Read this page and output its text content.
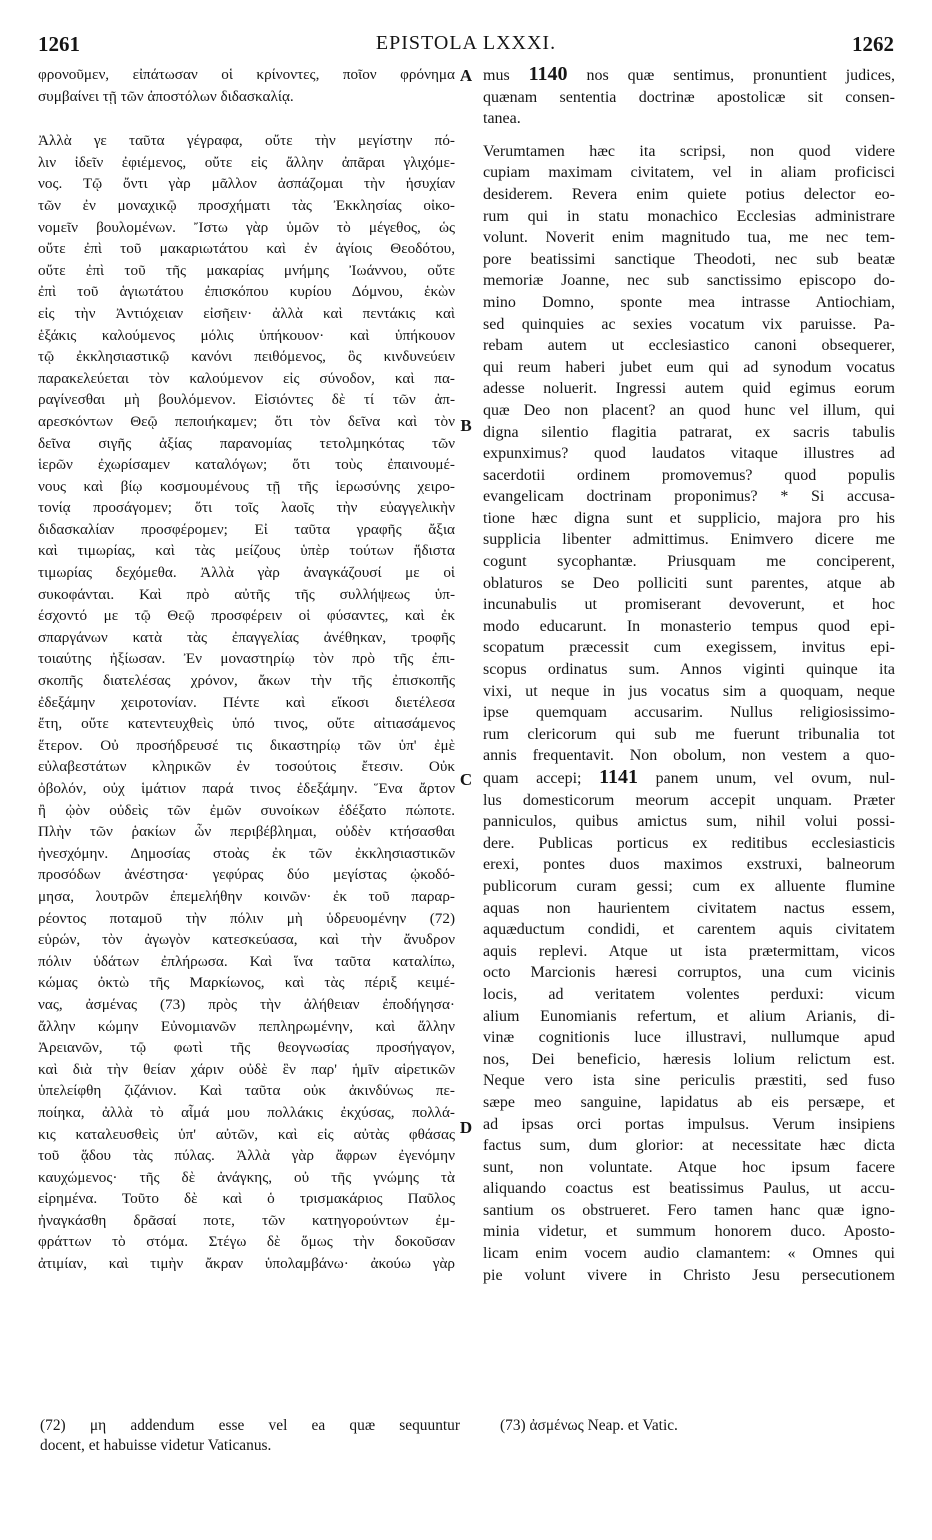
1261	EPISTOLA LXXXI.	1262
φρονοῦμεν, εἰπάτωσαν οἱ κρίνοντες, ποῖον φρόνημα
συμβαίνει τῇ τῶν ἀποστόλων διδασκαλίᾳ.
Ἀλλὰ γε ταῦτα γέγραφα, οὔτε τὴν μεγίστην πό-
λιν ἰδεῖν ἐφιέμενος, οὔτε εἰς ἄλλην ἀπᾶραι γλιχόμε-
νος. Τῷ ὄντι γὰρ μᾶλλον ἀσπάζομαι τὴν ἡσυχίαν
τῶν ἐν μοναχικῷ προσχήματι τὰς Ἐκκλησίας οἰκο-
νομεῖν βουλομένων. Ἴστω γὰρ ὑμῶν τὸ μέγεθος, ὡς
οὔτε ἐπὶ τοῦ μακαριωτάτου καὶ ἐν ἁγίοις Θεοδότου,
οὔτε ἐπὶ τοῦ τῆς μακαρίας μνήμης Ἰωάννου, οὔτε
ἐπὶ τοῦ ἁγιωτάτου ἐπισκόπου κυρίου Δόμνου, ἑκὼν
εἰς τὴν Ἀντιόχειαν εἰσῆειν· ἀλλὰ καὶ πεντάκις καὶ
ἑξάκις καλούμενος μόλις ὑπήκουον· καὶ ὑπήκουον
τῷ ἐκκλησιαστικῷ κανόνι πειθόμενος, ὃς κινδυνεύειν
παρακελεύεται τὸν καλούμενον εἰς σύνοδον, καὶ πα-
ραγίνεσθαι μὴ βουλόμενον. Εἰσιόντες δὲ τί τῶν ἀπ-
αρεσκόντων Θεῷ πεποιήκαμεν; ὅτι τὸν δεῖνα καὶ τὸν
δεῖνα σιγῆς ἀξίας παρανομίας τετολμηκότας τῶν
ἱερῶν ἐχωρίσαμεν καταλόγων; ὅτι τοὺς ἐπαινουμέ-
νους καὶ βίῳ κοσμουμένους τῇ τῆς ἱερωσύνης χειρο-
τονίᾳ προσάγομεν; ὅτι τοῖς λαοῖς τὴν εὐαγγελικὴν
διδασκαλίαν προσφέρομεν; Εἰ ταῦτα γραφῆς ἄξια
καὶ τιμωρίας, καὶ τὰς μείζους ὑπὲρ τούτων ἥδιστα
τιμωρίας δεχόμεθα. Ἀλλὰ γὰρ ἀναγκάζουσί με οἱ
συκοφάνται. Καὶ πρὸ αὐτῆς τῆς συλλήψεως ὑπ-
έσχοντό με τῷ Θεῷ προσφέρειν οἱ φύσαντες, καὶ ἐκ
σπαργάνων κατὰ τὰς ἐπαγγελίας ἀνέθηκαν, τροφῆς
τοιαύτης ἠξίωσαν. Ἐν μοναστηρίῳ τὸν πρὸ τῆς ἐπι-
σκοπῆς διατελέσας χρόνον, ἄκων τὴν τῆς ἐπισκοπῆς
ἐδεξάμην χειροτονίαν. Πέντε καὶ εἴκοσι διετέλεσα
ἔτη, οὔτε κατεντευχθεὶς ὑπό τινος, οὔτε αἰτιασάμενος
ἕτερον. Οὐ προσήδρευσέ τις δικαστηρίῳ τῶν ὑπ' ἐμὲ
εὐλαβεστάτων κληρικῶν ἐν τοσούτοις ἔτεσιν. Οὐκ
ὀβολόν, οὐχ ἱμάτιον παρά τινος ἐδεξάμην. Ἕνα ἄρτον
ἢ ᾠὸν οὐδεὶς τῶν ἐμῶν συνοίκων ἐδέξατο πώποτε.
Πλὴν τῶν ῥακίων ὧν περιβέβλημαι, οὐδὲν κτήσασθαι
ἠνεσχόμην. Δημοσίας στοὰς ἐκ τῶν ἐκκλησιαστικῶν
προσόδων ἀνέστησα· γεφύρας δύο μεγίστας ᾠκοδό-
μησα, λουτρῶν ἐπεμελήθην κοινῶν· ἐκ τοῦ παραρ-
ρέοντος ποταμοῦ τὴν πόλιν μὴ ὑδρευομένην (72)
εὑρών, τὸν ἀγωγὸν κατεσκεύασα, καὶ τὴν ἄνυδρον
πόλιν ὑδάτων ἐπλήρωσα. Καὶ ἵνα ταῦτα καταλίπω,
κώμας ὀκτὼ τῆς Μαρκίωνος, καὶ τὰς πέριξ κειμέ-
νας, ἀσμένας (73) πρὸς τὴν ἀλήθειαν ἐποδήγησα·
ἄλλην κώμην Εὐνομιανῶν πεπληρωμένην, καὶ ἄλλην
Ἀρειανῶν, τῷ φωτὶ τῆς θεογνωσίας προσήγαγον,
καὶ διὰ τὴν θείαν χάριν οὐδὲ ἓν παρ' ἡμῖν αἱρετικῶν
ὑπελείφθη ζιζάνιον. Καὶ ταῦτα οὐκ ἀκινδύνως πε-
ποίηκα, ἀλλὰ τὸ αἷμά μου πολλάκις ἐκχύσας, πολλά-
κις καταλευσθεὶς ὑπ' αὐτῶν, καὶ εἰς αὐτὰς φθάσας
τοῦ ᾅδου τὰς πύλας. Ἀλλὰ γὰρ ἄφρων ἐγενόμην
καυχώμενος· τῆς δὲ ἀνάγκης, οὐ τῆς γνώμης τὰ
εἰρημένα. Τοῦτο δὲ καὶ ὁ τρισμακάριος Παῦλος
ἠναγκάσθη δρᾶσαί ποτε, τῶν κατηγορούντων ἐμ-
φράττων τὸ στόμα. Στέγω δὲ ὅμως τὴν δοκοῦσαν
ἀτιμίαν, καὶ τιμὴν ἄκραν ὑπολαμβάνω· ἀκούω γὰρ
A
B
C
D
mus 1140 nos quæ sentimus, pronuntient judices,
quænam sententia doctrinæ apostolicæ sit consen-
tanea.
Verumtamen hæc ita scripsi, non quod videre
cupiam maximam civitatem, vel in aliam proficisci
desiderem. Revera enim quiete potius delector eo-
rum qui in statu monachico Ecclesias administrare
volunt. Noverit enim magnitudo tua, me nec tem-
pore beatissimi sanctique Theodoti, nec sub beatæ
memoriæ Joanne, nec sub sanctissimo episcopo do-
mino Domno, sponte mea intrasse Antiochiam,
sed quinquies ac sexies vocatum vix paruisse. Pa-
rebam autem ut ecclesiastico canoni obsequerer,
qui reum haberi jubet eum qui ad synodum vocatus
adesse noluerit. Ingressi autem quid egimus eorum
quæ Deo non placent? an quod hunc vel illum, qui
digna silentio flagitia patrarat, ex sacris tabulis
expunximus? quod laudatos vitaque illustres ad
sacerdotii ordinem promovemus? quod populis
evangelicam doctrinam proponimus? * Si accusa-
tione hæc digna sunt et supplicio, majora pro his
supplicia libenter admittimus. Enimvero dicere me
cogunt sycophantæ. Priusquam me conciperent,
oblaturos se Deo polliciti sunt parentes, atque ab
incunabulis ut promiserant devoverunt, et hoc
modo educarunt. In monasterio tempus quod epi-
scopatum præcessit cum exegissem, invitus epi-
scopus ordinatus sum. Annos viginti quinque ita
vixi, ut neque in jus vocatus sim a quoquam, neque
ipse quemquam accusarim. Nullus religiosissimo-
rum clericorum qui sub me fuerunt tribunalia tot
annis frequentavit. Non obolum, non vestem a quo-
quam accepi; 1141 panem unum, vel ovum, nul-
lus domesticorum meorum accepit unquam. Præter
panniculos, quibus amictus sum, nihil volui possi-
dere. Publicas porticus ex reditibus ecclesiasticis
erexi, pontes duos maximos exstruxi, balneorum
publicorum curam gessi; cum ex alluente flumine
aquas non haurientem civitatem nactus essem,
aquæductum condidi, et carentem aquis civitatem
aquis replevi. Atque ut ista prætermittam, vicos
octo Marcionis hæresi corruptos, una cum vicinis
locis, ad veritatem volentes perduxi: vicum
alium Eunomianis refertum, et alium Arianis, di-
vinæ cognitionis luce illustravi, nullumque apud
nos, Dei beneficio, hæresis lolium relictum est.
Neque vero ista sine periculis præstiti, sed fuso
sæpe meo sanguine, lapidatus ab eis persæpe, et
ad ipsas orci portas impulsus. Verum insipiens
factus sum, dum glorior: at necessitate hæc dicta
sunt, non voluntate. Atque hoc ipsum facere
aliquando coactus est beatissimus Paulus, ut accu-
santium os obstrueret. Fero tamen hanc quæ igno-
minia videtur, et summum honorem duco. Aposto-
licam enim vocem audio clamantem: « Omnes qui
pie volunt vivere in Christo Jesu persecutionem
(72) μη addendum esse vel ea quæ sequuntur
docent, et habuisse videtur Vaticanus.
(73) ἀσμένως Neap. et Vatic.
